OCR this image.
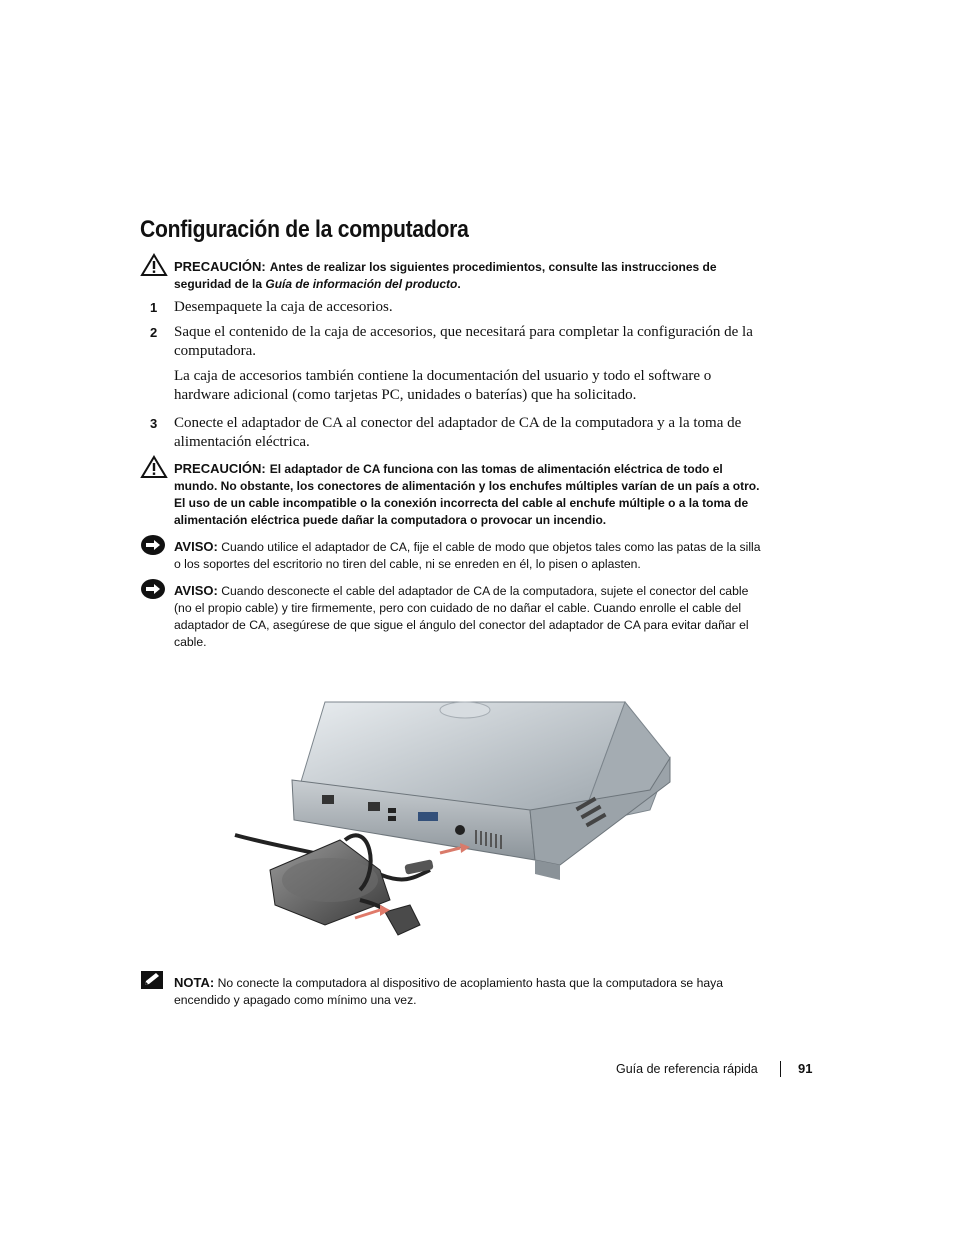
Configuración de la computadora
PRECAUCIÓN: Antes de realizar los siguientes procedimientos, consulte las instrucciones de seguridad de la Guía de información del producto.
1 Desempaquete la caja de accesorios.
2 Saque el contenido de la caja de accesorios, que necesitará para completar la configuración de la computadora.
La caja de accesorios también contiene la documentación del usuario y todo el software o hardware adicional (como tarjetas PC, unidades o baterías) que ha solicitado.
3 Conecte el adaptador de CA al conector del adaptador de CA de la computadora y a la toma de alimentación eléctrica.
PRECAUCIÓN: El adaptador de CA funciona con las tomas de alimentación eléctrica de todo el mundo. No obstante, los conectores de alimentación y los enchufes múltiples varían de un país a otro. El uso de un cable incompatible o la conexión incorrecta del cable al enchufe múltiple o a la toma de alimentación eléctrica puede dañar la computadora o provocar un incendio.
AVISO: Cuando utilice el adaptador de CA, fije el cable de modo que objetos tales como las patas de la silla o los soportes del escritorio no tiren del cable, ni se enreden en él, lo pisen o aplasten.
AVISO: Cuando desconecte el cable del adaptador de CA de la computadora, sujete el conector del cable (no el propio cable) y tire firmemente, pero con cuidado de no dañar el cable. Cuando enrolle el cable del adaptador de CA, asegúrese de que sigue el ángulo del conector del adaptador de CA para evitar dañar el cable.
NOTA: No conecte la computadora al dispositivo de acoplamiento hasta que la computadora se haya encendido y apagado como mínimo una vez.
Guía de referencia rápida	91
